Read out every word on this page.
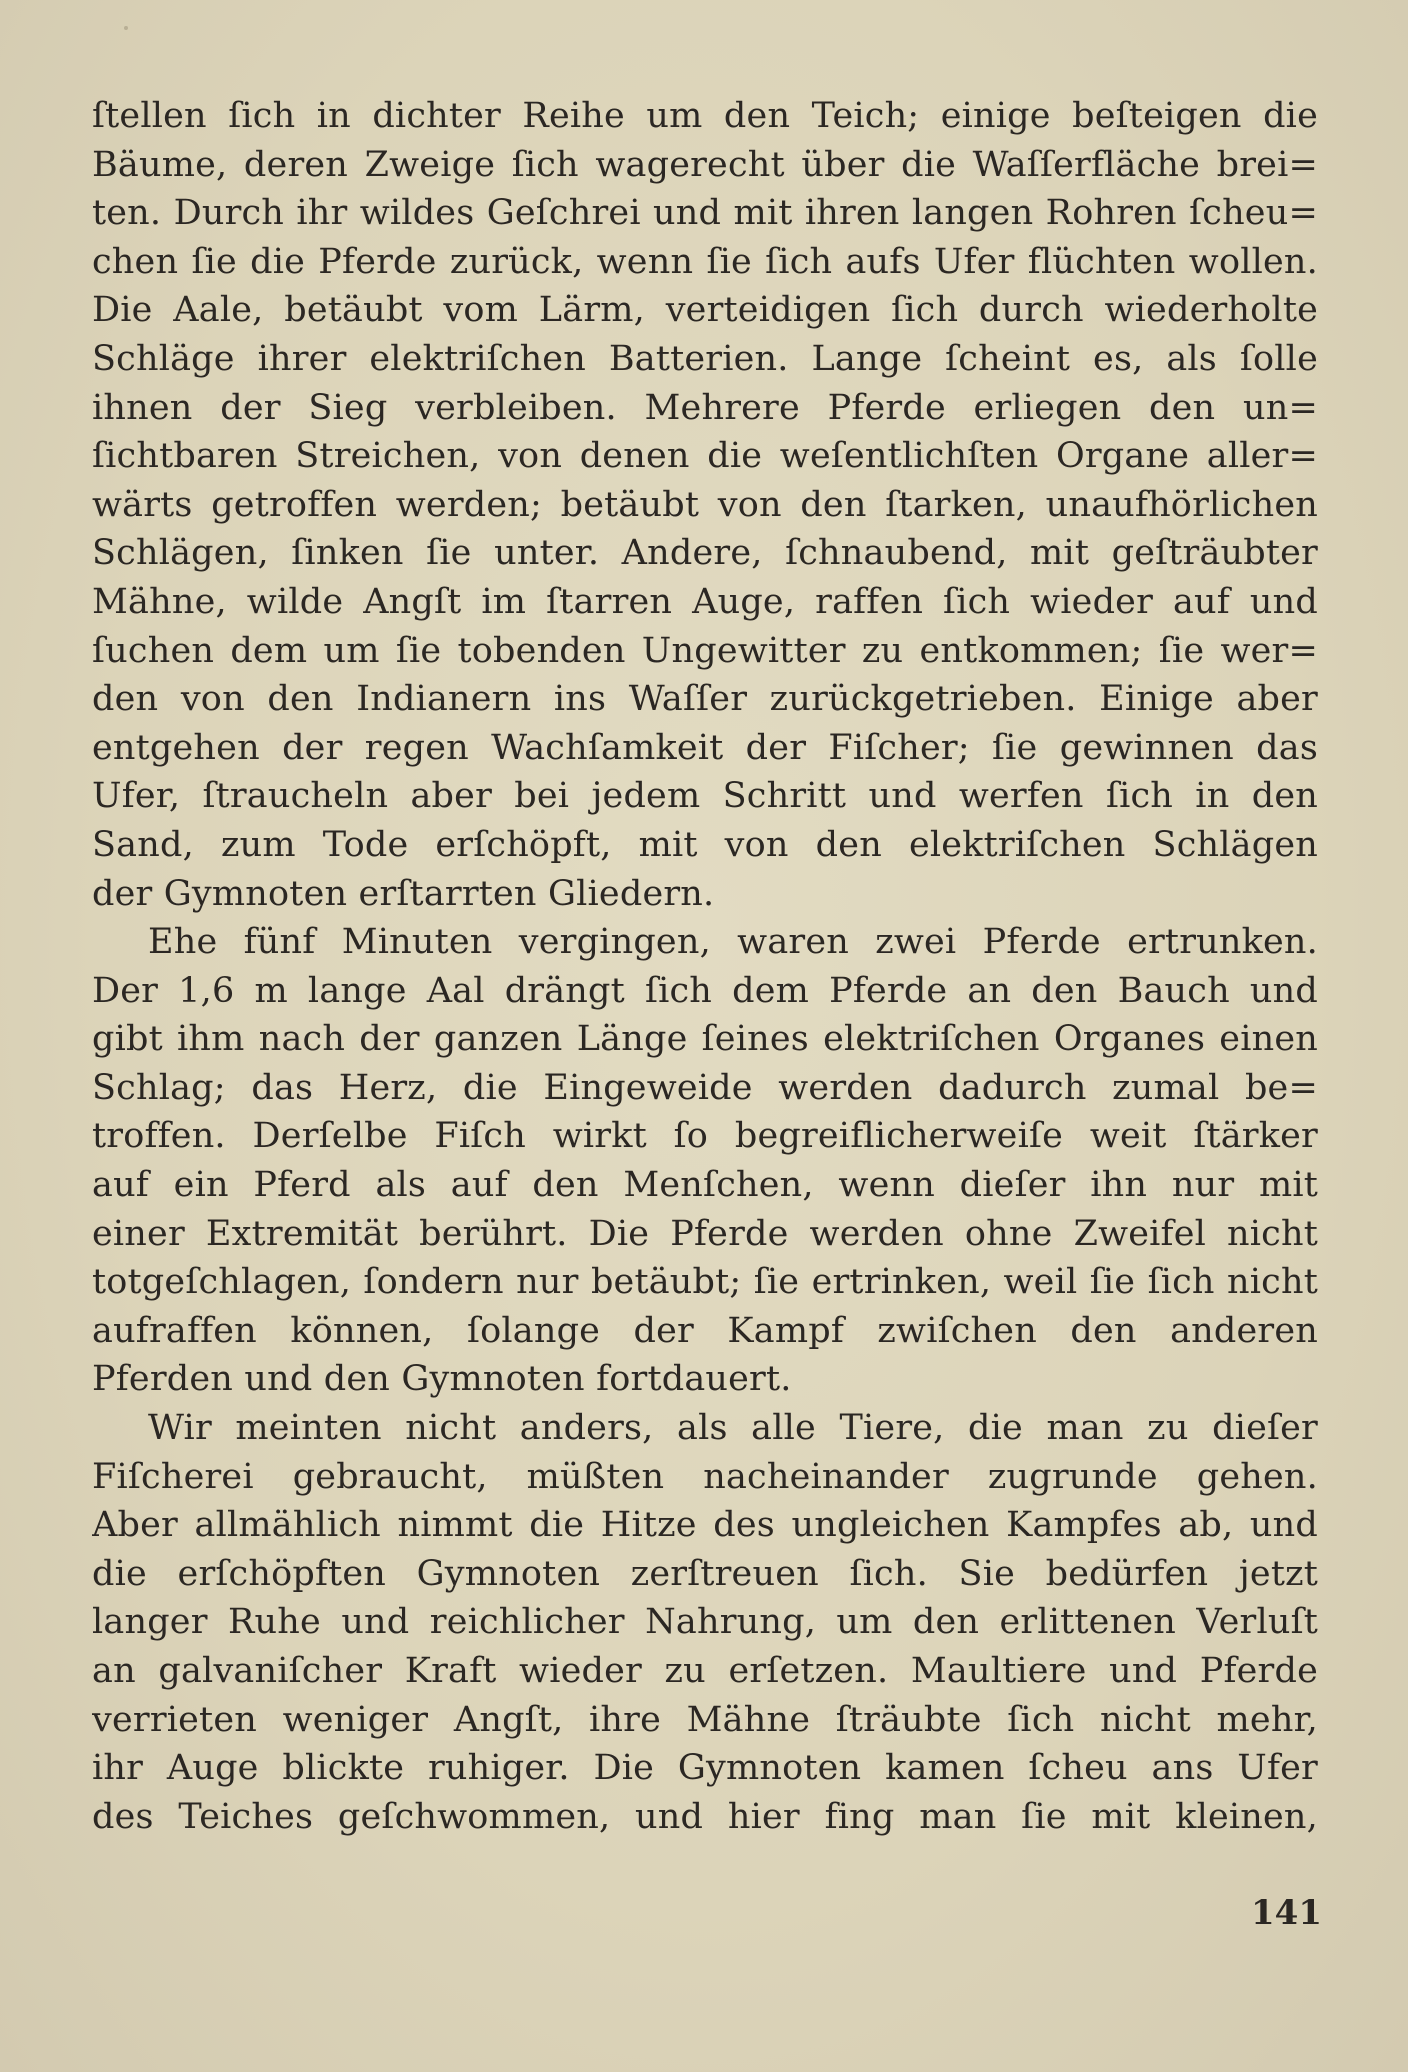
ſtellen ſich in dichter Reihe um den Teich; einige beſteigen die
Bäume, deren Zweige ſich wagerecht über die Waſſerfläche brei=
ten. Durch ihr wildes Geſchrei und mit ihren langen Rohren ſcheu=
chen ſie die Pferde zurück, wenn ſie ſich aufs Ufer flüchten wollen.
Die Aale, betäubt vom Lärm, verteidigen ſich durch wiederholte
Schläge ihrer elektriſchen Batterien. Lange ſcheint es, als ſolle
ihnen der Sieg verbleiben. Mehrere Pferde erliegen den un=
ſichtbaren Streichen, von denen die weſentlichſten Organe aller=
wärts getroffen werden; betäubt von den ſtarken, unaufhörlichen
Schlägen, ſinken ſie unter. Andere, ſchnaubend, mit geſträubter
Mähne, wilde Angſt im ſtarren Auge, raffen ſich wieder auf und
ſuchen dem um ſie tobenden Ungewitter zu entkommen; ſie wer=
den von den Indianern ins Waſſer zurückgetrieben. Einige aber
entgehen der regen Wachſamkeit der Fiſcher; ſie gewinnen das
Ufer, ſtraucheln aber bei jedem Schritt und werfen ſich in den
Sand, zum Tode erſchöpft, mit von den elektriſchen Schlägen
der Gymnoten erſtarrten Gliedern.
Ehe fünf Minuten vergingen, waren zwei Pferde ertrunken.
Der 1,6 m lange Aal drängt ſich dem Pferde an den Bauch und
gibt ihm nach der ganzen Länge ſeines elektriſchen Organes einen
Schlag; das Herz, die Eingeweide werden dadurch zumal be=
troffen. Derſelbe Fiſch wirkt ſo begreiflicherweiſe weit ſtärker
auf ein Pferd als auf den Menſchen, wenn dieſer ihn nur mit
einer Extremität berührt. Die Pferde werden ohne Zweifel nicht
totgeſchlagen, ſondern nur betäubt; ſie ertrinken, weil ſie ſich nicht
aufraffen können, ſolange der Kampf zwiſchen den anderen
Pferden und den Gymnoten fortdauert.
Wir meinten nicht anders, als alle Tiere, die man zu dieſer
Fiſcherei gebraucht, müßten nacheinander zugrunde gehen.
Aber allmählich nimmt die Hitze des ungleichen Kampfes ab, und
die erſchöpften Gymnoten zerſtreuen ſich. Sie bedürfen jetzt
langer Ruhe und reichlicher Nahrung, um den erlittenen Verluſt
an galvaniſcher Kraft wieder zu erſetzen. Maultiere und Pferde
verrieten weniger Angſt, ihre Mähne ſträubte ſich nicht mehr,
ihr Auge blickte ruhiger. Die Gymnoten kamen ſcheu ans Ufer
des Teiches geſchwommen, und hier fing man ſie mit kleinen,
141
